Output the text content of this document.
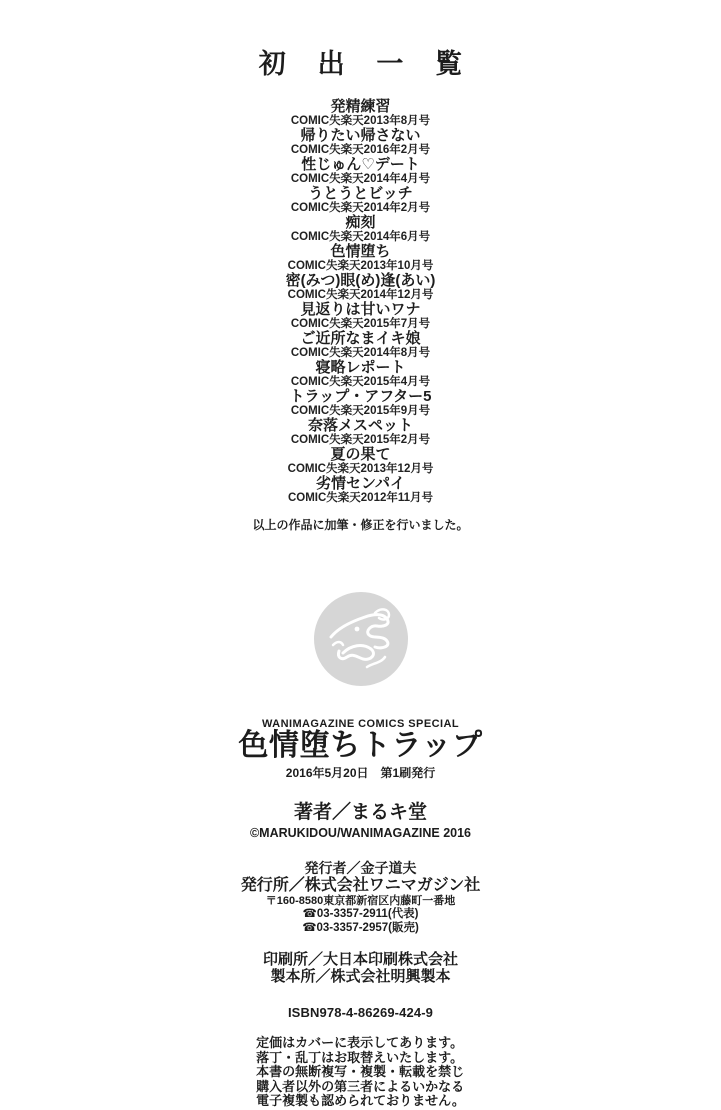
初 出 一 覧
発精練習
COMIC失楽天2013年8月号
帰りたい帰さない
COMIC失楽天2016年2月号
性じゅん♡デート
COMIC失楽天2014年4月号
うとうとビッチ
COMIC失楽天2014年2月号
痴刻
COMIC失楽天2014年6月号
色情堕ち
COMIC失楽天2013年10月号
密(みつ)眼(め)逢(あい)
COMIC失楽天2014年12月号
見返りは甘いワナ
COMIC失楽天2015年7月号
ご近所なまイキ娘
COMIC失楽天2014年8月号
寝略レポート
COMIC失楽天2015年4月号
トラップ・アフター5
COMIC失楽天2015年9月号
奈落メスペット
COMIC失楽天2015年2月号
夏の果て
COMIC失楽天2013年12月号
劣情センパイ
COMIC失楽天2012年11月号
以上の作品に加筆・修正を行いました。
WANIMAGAZINE COMICS SPECIAL
色情堕ちトラップ
2016年5月20日　第1刷発行
著者／まるキ堂
©MARUKIDOU/WANIMAGAZINE 2016
発行者／金子道夫
発行所／株式会社ワニマガジン社
〒160-8580東京都新宿区内藤町一番地
☎03-3357-2911(代表)
☎03-3357-2957(販売)
印刷所／大日本印刷株式会社
製本所／株式会社明興製本
ISBN978-4-86269-424-9
定価はカバーに表示してあります。
落丁・乱丁はお取替えいたします。
本書の無断複写・複製・転載を禁じ
購入者以外の第三者によるいかなる
電子複製も認められておりません。
